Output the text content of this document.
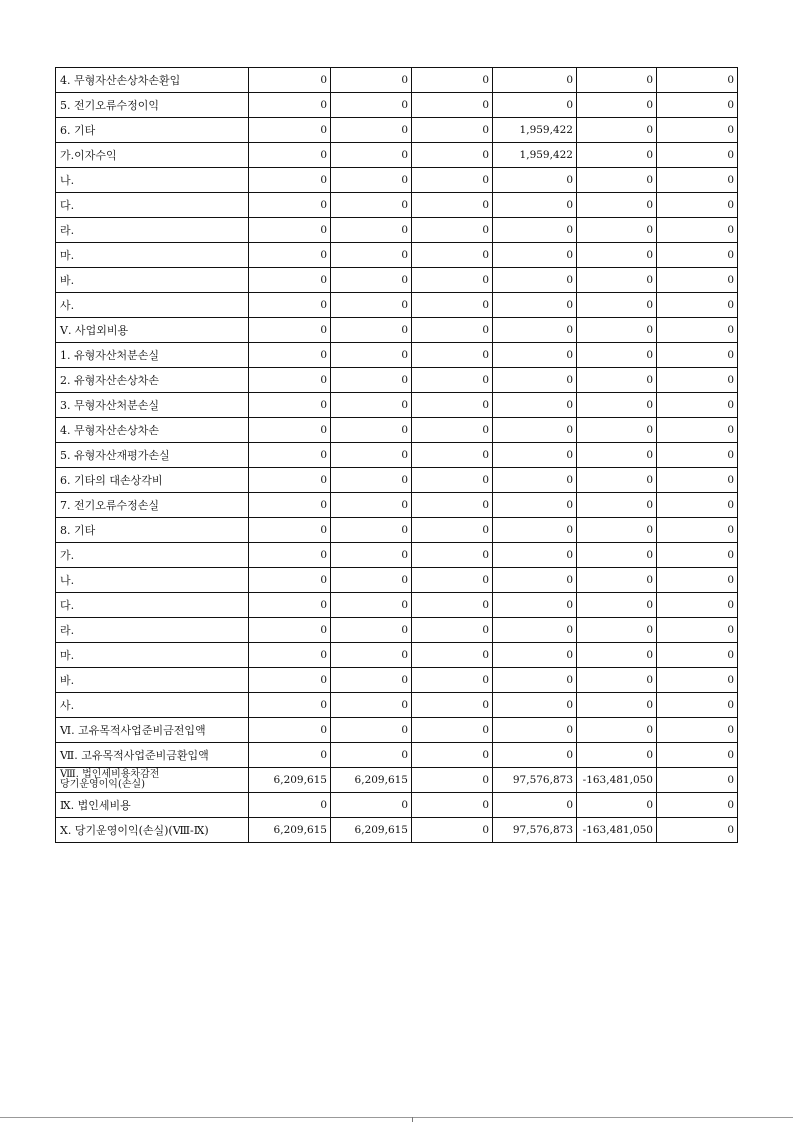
4. 무형자산손상차손환입	0	0	0	0	0	0
5. 전기오류수정이익	0	0	0	0	0	0
6. 기타	0	0	0	1,959,422	0	0
가.이자수익	0	0	0	1,959,422	0	0
나.	0	0	0	0	0	0
다.	0	0	0	0	0	0
라.	0	0	0	0	0	0
마.	0	0	0	0	0	0
바.	0	0	0	0	0	0
사.	0	0	0	0	0	0
Ⅴ. 사업외비용	0	0	0	0	0	0
1. 유형자산처분손실	0	0	0	0	0	0
2. 유형자산손상차손	0	0	0	0	0	0
3. 무형자산처분손실	0	0	0	0	0	0
4. 무형자산손상차손	0	0	0	0	0	0
5. 유형자산재평가손실	0	0	0	0	0	0
6. 기타의 대손상각비	0	0	0	0	0	0
7. 전기오류수정손실	0	0	0	0	0	0
8. 기타	0	0	0	0	0	0
가.	0	0	0	0	0	0
나.	0	0	0	0	0	0
다.	0	0	0	0	0	0
라.	0	0	0	0	0	0
마.	0	0	0	0	0	0
바.	0	0	0	0	0	0
사.	0	0	0	0	0	0
Ⅵ. 고유목적사업준비금전입액	0	0	0	0	0	0
Ⅶ. 고유목적사업준비금환입액	0	0	0	0	0	0
Ⅷ. 법인세비용차감전
당기운영이익(손실)	6,209,615	6,209,615	0	97,576,873	-163,481,050	0
Ⅸ. 법인세비용	0	0	0	0	0	0
Ⅹ. 당기운영이익(손실)(Ⅷ-Ⅸ)	6,209,615	6,209,615	0	97,576,873	-163,481,050	0
